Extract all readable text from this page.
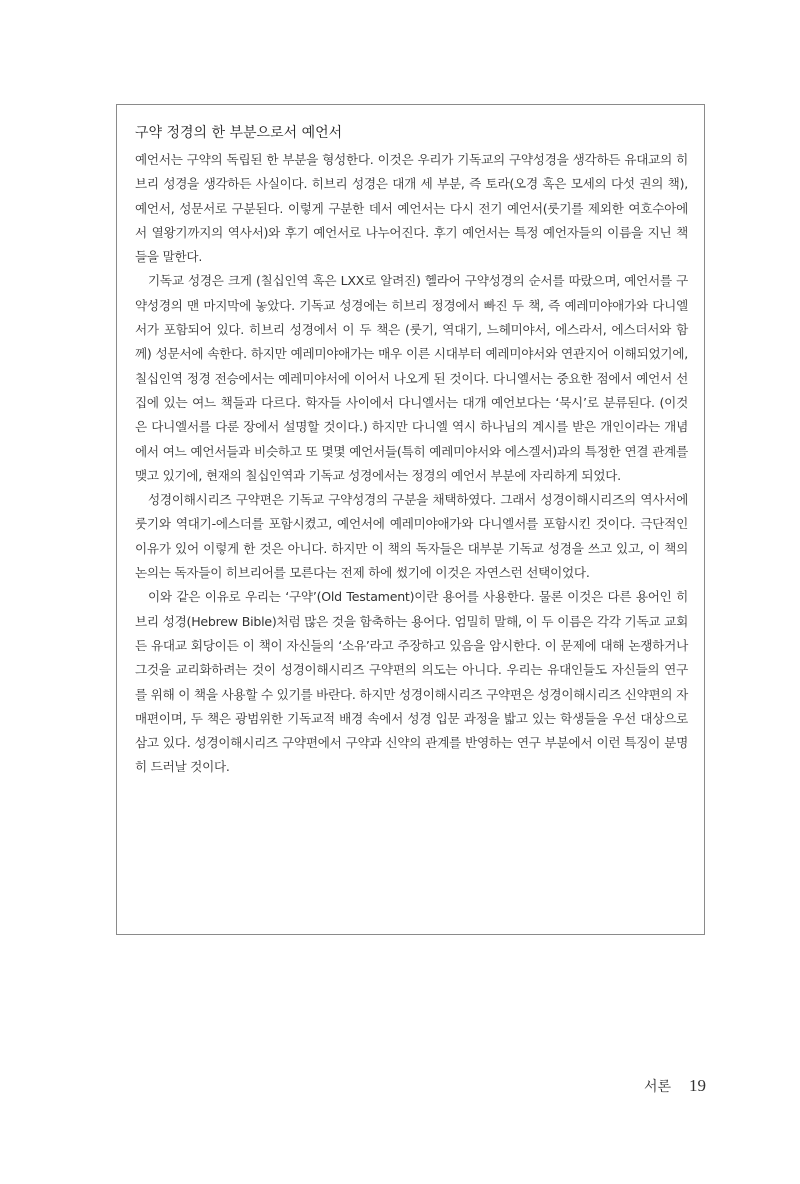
구약 정경의 한 부분으로서 예언서

예언서는 구약의 독립된 한 부분을 형성한다. 이것은 우리가 기독교의 구약성경을 생각하든 유대교의 히브리 성경을 생각하든 사실이다. 히브리 성경은 대개 세 부분, 즉 토라(오경 혹은 모세의 다섯 권의 책), 예언서, 성문서로 구분된다. 이렇게 구분한 데서 예언서는 다시 전기 예언서(룻기를 제외한 여호수아에서 열왕기까지의 역사서)와 후기 예언서로 나누어진다. 후기 예언서는 특정 예언자들의 이름을 지닌 책들을 말한다.

기독교 성경은 크게 (칠십인역 혹은 LXX로 알려진) 헬라어 구약성경의 순서를 따랐으며, 예언서를 구약성경의 맨 마지막에 놓았다. 기독교 성경에는 히브리 정경에서 빠진 두 책, 즉 예레미야애가와 다니엘서가 포함되어 있다. 히브리 성경에서 이 두 책은 (룻기, 역대기, 느헤미야서, 에스라서, 에스더서와 함께) 성문서에 속한다. 하지만 예레미야애가는 매우 이른 시대부터 예레미야서와 연관지어 이해되었기에, 칠십인역 정경 전승에서는 예레미야서에 이어서 나오게 된 것이다. 다니엘서는 중요한 점에서 예언서 선집에 있는 여느 책들과 다르다. 학자들 사이에서 다니엘서는 대개 예언보다는 ‘묵시’로 분류된다. (이것은 다니엘서를 다룬 장에서 설명할 것이다.) 하지만 다니엘 역시 하나님의 계시를 받은 개인이라는 개념에서 여느 예언서들과 비슷하고 또 몇몇 예언서들(특히 예레미야서와 에스겔서)과의 특정한 연결 관계를 맺고 있기에, 현재의 칠십인역과 기독교 성경에서는 정경의 예언서 부분에 자리하게 되었다.

성경이해시리즈 구약편은 기독교 구약성경의 구분을 채택하였다. 그래서 성경이해시리즈의 역사서에 룻기와 역대기-에스더를 포함시켰고, 예언서에 예레미야애가와 다니엘서를 포함시킨 것이다. 극단적인 이유가 있어 이렇게 한 것은 아니다. 하지만 이 책의 독자들은 대부분 기독교 성경을 쓰고 있고, 이 책의 논의는 독자들이 히브리어를 모른다는 전제 하에 썼기에 이것은 자연스런 선택이었다.

이와 같은 이유로 우리는 ‘구약’(Old Testament)이란 용어를 사용한다. 물론 이것은 다른 용어인 히브리 성경(Hebrew Bible)처럼 많은 것을 함축하는 용어다. 엄밀히 말해, 이 두 이름은 각각 기독교 교회든 유대교 회당이든 이 책이 자신들의 ‘소유’라고 주장하고 있음을 암시한다. 이 문제에 대해 논쟁하거나 그것을 교리화하려는 것이 성경이해시리즈 구약편의 의도는 아니다. 우리는 유대인들도 자신들의 연구를 위해 이 책을 사용할 수 있기를 바란다. 하지만 성경이해시리즈 구약편은 성경이해시리즈 신약편의 자매편이며, 두 책은 광범위한 기독교적 배경 속에서 성경 입문 과정을 밟고 있는 학생들을 우선 대상으로 삼고 있다. 성경이해시리즈 구약편에서 구약과 신약의 관계를 반영하는 연구 부분에서 이런 특징이 분명히 드러날 것이다.

서론 19
